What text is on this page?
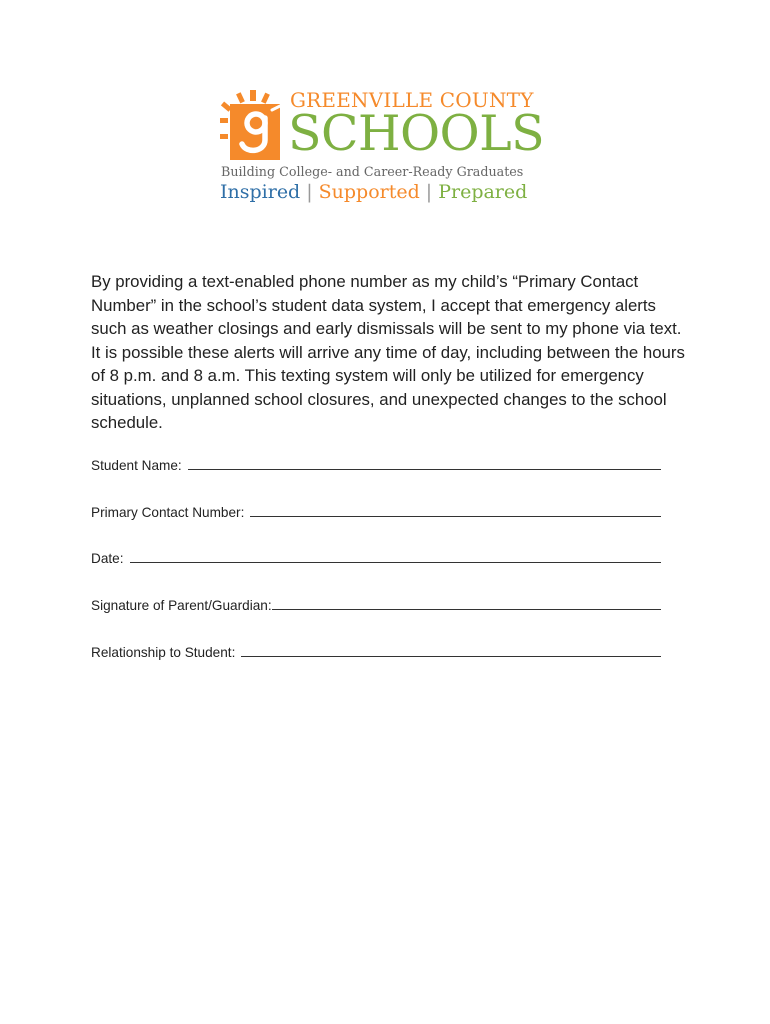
GREENVILLE COUNTY
SCHOOLS
Building College- and Career-Ready Graduates
Inspired | Supported | Prepared

By providing a text-enabled phone number as my child’s “Primary Contact Number” in the school’s student data system, I accept that emergency alerts such as weather closings and early dismissals will be sent to my phone via text. It is possible these alerts will arrive any time of day, including between the hours of 8 p.m. and 8 a.m. This texting system will only be utilized for emergency situations, unplanned school closures, and unexpected changes to the school schedule.

Student Name:
Primary Contact Number:
Date:
Signature of Parent/Guardian:
Relationship to Student:
